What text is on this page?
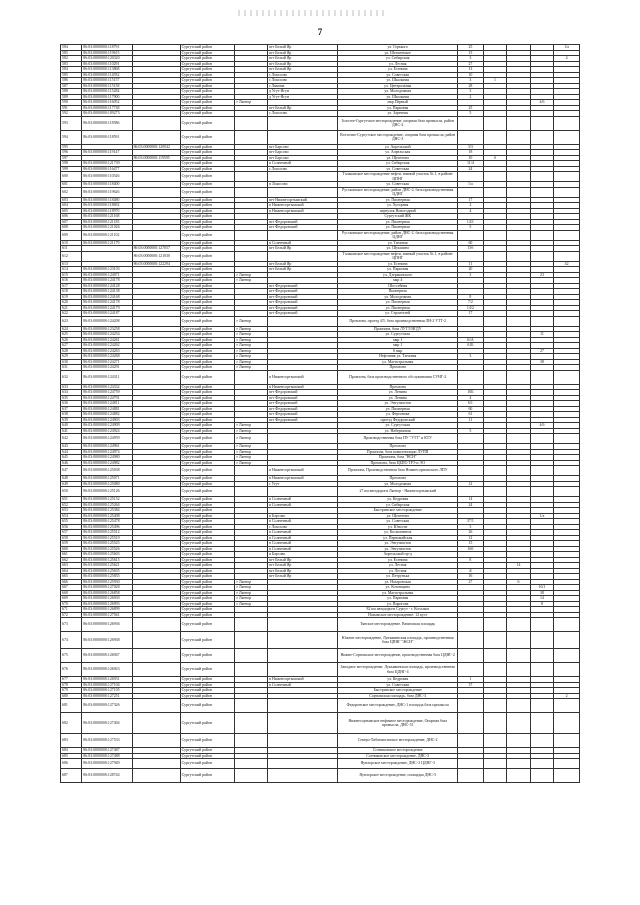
7
584	86:03:0000000:118791		Сургутский район		пгт Белый Яр	ул. Горького	25				1/а
585	86:03:0000000:119615		Сургутский район		пгт Белый Яр	ул. Шеппенское	15				
582	86:03:0000000:120320		Сургутский район		пгт Белый Яр	ул. Сибирская	3				4
583	86:03:0000000:110291		Сургутский район		пгт Белый Яр	ул. Лесная	27				
584	86:03:0000000:113868		Сургутский район		пгт Белый Яр	ул. Есенина	13				
585	86:03:0000000:114932		Сургутский район		с Локосово	ул. Советская	10				
586	86:03:0000000:115157		Сургутский район		с Локосово	ул. Школьная	3	1			
587	86:03:0000000:115158		Сургутский район		с Лямина	ул. Центральная	28				
588	86:03:0000000:115284		Сургутский район		д Угут-Ягун	ул. Молодежная	3				
589	86:03:0000000:117900		Сургутский район		д Угут-Ягун	ул. Школьная	2				
590	86:03:0000000:116052		Сургутский район	г Лянтор		мкр Первый				4/6	
591	86:03:0000000:117738		Сургутский район		пгт Белый Яр	ул. Парковая	25				
592	86:03:0000000:109273		Сургутский район		с Локосово	ул. Заречная	5				
593	86:03:0000000:118586		Сургутский район			Золотое-Сургутское месторождение, опорная база промысла, район ДНС-2					
594	86:03:0000000:118591		Сургутский район			Восточно-Сургутское месторождение, опорная база промысла, район ДНС-3					
595		86:03:0000000:120042	Сургутский район		пгт Барсово	ул. Апрельский	3/3				
596	86:03:0000000:119147		Сургутский район		пгт Барсово	ул. Апрельская	18				
597		86:03:0000000:119595	Сургутский район		пгт Барсово	ул. Щепетова	10	б			
598	86:03:0000000:121739		Сургутский район		п Солнечный	ул. Сибирская	11/4				
599	86:03:0000000:116477		Сургутский район		с Локосово	ул. Советская	24				
600	86:03:0000000:110526		Сургутский район			Талаканское месторождение нефти, южный участок № 1, в районе ЦПНГ					
601	86:03:0000000:118400		Сургутский район		п Локосово	ул. Советская	1/а				
602	86:03:0000000:119626		Сургутский район			Русскинское месторождение, район ДНС-2, база производственная ЦДНГ					
603	86:03:0000000:118480		Сургутский район		пгт Нижнесортымский	ул. Пионерная	17				
604	86:03:0000000:118692		Сургутский район		п Нижнесортымский	ул. Хуторная	2				
605	86:03:0000000:118970		Сургутский район		п Нижнесортымский	переулок Новогодний	4				
606	86:03:0000000:121168		Сургутский район			Сургутский ЖК					
607	86:03:0000000:121185		Сургутский район		пгт Федоровский	ул. Пионерная	14/1				
608	86:03:0000000:121026		Сургутский район		пгт Федоровский	ул. Пионерная	5				
609	86:03:0000000:121102		Сургутский район			Русскинское месторождение, район ДНС-2, база производственная ЦДНГ					
610	86:03:0000000:121179		Сургутский район		п Солнечный	ул. Таежная	60				
611		86:03:0000000:127057	Сургутский район		пгт Белый Яр	ул. Шукшина	15б				
612		86:03:0000000:121030	Сургутский район			Талаканское месторождение нефти, южный участок № 1, в районе ЦПНГ					
613		86:03:0000000:122294	Сургутский район		пгт Белый Яр	ул. Есенина	11				42
614	86:03:0000000:123103		Сургутский район		пгт Белый Яр	ул. Парковая	20				
615	86:03:0000000:124071		Сургутский район	г Лянтор		ул. Дзержинского	3			23	
616	86:03:0000000:124178		Сургутский район	г Лянтор		мкр 4					
617	86:03:0000000:124128		Сургутский район		пгт Федоровский	Шоссейная					
618	86:03:0000000:124138		Сургутский район		пгт Федоровский	Пионерная					
619	86:03:0000000:124168		Сургутский район		пгт Федоровский	ул. Молодежная	8				
620	86:03:0000000:124178		Сургутский район		пгт Федоровский	ул. Пионерная	7/2				
621	86:03:0000000:124179		Сургутский район		пгт Федоровский	ул. Пионерная	14/2				
622	86:03:0000000:124187		Сургутский район		пгт Федоровский	ул. Строителей	17				
623	86:03:0000000:124208		Сургутский район	г Лянтор		Промзона, проезд 4/5, база производственная ЛН-2 УТТ-2					
624	86:03:0000000:123258		Сургутский район	г Лянтор		Промзона, база ЛУТТ/НГДУ					
625	86:03:0000000:124254		Сургутский район	г Лянтор		ул. Сургутская				11	
626	86:03:0000000:124261		Сургутский район	г Лянтор		мкр 1	61А				
627	86:03:0000000:124262		Сургутский район	г Лянтор		мкр 1	61Б				
628	86:03:0000000:124263		Сургутский район	г Лянтор		6 мкр				27	
629	86:03:0000000:124268		Сургутский район	г Лянтор		Нефтяник ул. Таежная	3				
630	86:03:0000000:124271		Сургутский район	г Лянтор		ул. Магистральная				38	
631	86:03:0000000:124291		Сургутский район	г Лянтор		Промзона					
632	86:03:0000000:124311		Сургутский район		п Нижнесортымский	Промзона, база производственного обслуживания СУНГ-2					
633	86:03:0000000:124332		Сургутский район		п Нижнесортымский	Промзона					
634	86:03:0000000:124759		Сургутский район		пгт Федоровский	ул. Ленина	10Б				
635	86:03:0000000:124791		Сургутский район		пгт Федоровский	ул. Ленина	4				
636	86:03:0000000:124811		Сургутский район		пгт Федоровский	ул. Энтузиастов	6/1				
637	86:03:0000000:124881		Сургутский район		пгт Федоровский	ул. Пионерная	60				
638	86:03:0000000:124882		Сургутский район		пгт Федоровский	ул. Ферганова	61				
639	86:03:0000000:124903		Сургутский район		пгт Федоровский	проезд Федоровский	11				
640	86:03:0000000:124909		Сургутский район	г Лянтор		ул. Сургутская				4/6	
641	86:03:0000000:124924		Сургутский район	г Лянтор		ул. Набережная	5				
642	86:03:0000000:124959		Сургутский район	г Лянтор		Производственная база ПУ "УТТ" и КТУ					
643	86:03:0000000:124961		Сургутский район	г Лянтор		Промзона					
644	86:03:0000000:124974		Сургутский район	г Лянтор		Промзона, база комплектации ЛУПП					
645	86:03:0000000:124980		Сургутский район	г Лянтор		Промзона, база "НСН"					
646	86:03:0000000:124982		Сургутский район	г Лянтор		Промзона, база ЦБПО ТРЭ и ЭО					
647	86:03:0000000:125038		Сургутский район		п Нижнесортымский	Промзона, Производственная база Нижнесортымского ЛПУ					
648	86:03:0000000:125071		Сургутский район		п Нижнесортымский	Промзона					
649	86:03:0000000:125080		Сургутский район		с Угут	ул. Молодежная	12				
650	86:03:0000000:125126		Сургутский район			27 км автодороги Лянтор - Нижнесортымский					
651	86:03:0000000:125152		Сургутский район		п Солнечный	ул. Кедровая	14				
652	86:03:0000000:125264		Сургутский район		п Солнечный	ул. Сибирская	24				
653	86:03:0000000:125384		Сургутский район			Быстринское месторождение					
654	86:03:0000000:125408		Сургутский район		п Барсово	ул. Щепетова				1/а	
655	86:03:0000000:125478		Сургутский район		п Солнечный	ул. Советская	37/1				
656	86:03:0000000:125496		Сургутский район		с Локосово	ул. Юности	3				
657	86:03:0000000:125512		Сургутский район		п Солнечный	ул. Космонавтов	26				
658	86:03:0000000:125519		Сургутский район		п Солнечный	ул. Первомайская	12				
659	86:03:0000000:125525		Сургутский район		п Солнечный	ул. Энтузиастов	15				
660	86:03:0000000:125526		Сургутский район		п Солнечный	ул. Энтузиастов	16б				
661	86:03:0000000:125603		Сургутский район		п Барсово	Апрельский пр-д					
662	86:03:0000000:125615		Сургутский район		пгт Белый Яр	ул. Есенина	8				
663	86:03:0000000:125621		Сургутский район		пгт Белый Яр	ул. Лесная			14		
664	86:03:0000000:125635		Сургутский район		пгт Белый Яр	ул. Лесная	4/				
665	86:03:0000000:125855		Сургутский район		пгт Белый Яр	ул. Петрунька	16				
666	86:03:0000000:125930		Сургутский район	г Лянтор		ул. Назаровская	27		6		
667	86:03:0000000:127028		Сургутский район	г Лянтор		ул. Котовщина				16/1	
668	86:03:0000000:126858		Сургутский район	г Лянтор		ул. Магистральная				38	
669	86:03:0000000:126930		Сургутский район	г Лянтор		ул. Парковая				14	
670	86:03:0000000:126993		Сургутский район	г Лянтор		ул. Пирогова				8	
671	86:03:0000000:126899		Сургутский район			82 км автодороги Сургут - г. Когалым					
672	86:03:0000000:127941		Сургутский район			Назымское месторождение: 12 куст					
673	86:03:0000000:126936		Сургутский район			Тянское месторождение. Вачимская площадь					
674	86:03:0000000:126938		Сургутский район			Южное месторождение, Лукъявинская площадь, производственная база ЦПНГ "ЖСН"					
675	86:03:0000000:126947		Сургутский район			Нижне-Сортымское месторождение, производственная база ЦДНГ-2					
676	86:03:0000000:126923		Сургутский район			Западное месторождение, Лукъявинская площадь, производственная база ЦДНГ-4					
677	86:03:0000000:126931		Сургутский район		п Нижнесортымский	ул. Кедровая	1				
678	86:03:0000000:127104		Сургутский район		п Солнечный	ул. Советская	37				
679	86:03:0000000:127105		Сургутский район			Быстринское месторождение					
680	86:03:0000000:127251		Сургутский район			Сортымская площадь, база ДНС-3					2
681	86:03:0000000:127326		Сургутский район			Федоровское месторождение, ДНС-1 площадь база промысла					
682	86:03:0000000:127404		Сургутский район			Нижнесортымское нефтяное месторождение, Опорная база промысла, ДНС-51					
683	86:03:0000000:127533		Сургутский район			Северо-Лабатьюганское месторождение, ДНС-2					
684	86:03:0000000:127487		Сургутский район			Сотниковское месторождение					
685	86:03:0000000:127488		Сургутский район			Сотниковское месторождение, ДНС-3					
686	86:03:0000000:127949		Сургутский район			Яунлорское месторождение, ДНС-3 ЦДНГ-3					
687	86:03:0000000:128744		Сургутский район			Яунлорское месторождение, площадка ДНС-5					
